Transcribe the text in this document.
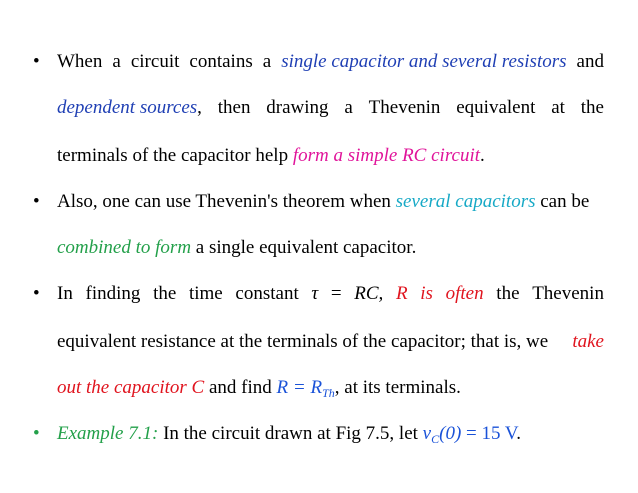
• When a circuit contains a single capacitor and several resistors and
dependent sources, then drawing a Thevenin equivalent at the
terminals of the capacitor help form a simple RC circuit.
• Also, one can use Thevenin's theorem when several capacitors can be
combined to form a single equivalent capacitor.
• In finding the time constant τ = RC, R is often the Thevenin
equivalent resistance at the terminals of the capacitor; that is, we take
out the capacitor C and find $R = R_{Th}$, at its terminals.
• Example 7.1: In the circuit drawn at Fig 7.5, let $v_C(0) = 15$ V.
